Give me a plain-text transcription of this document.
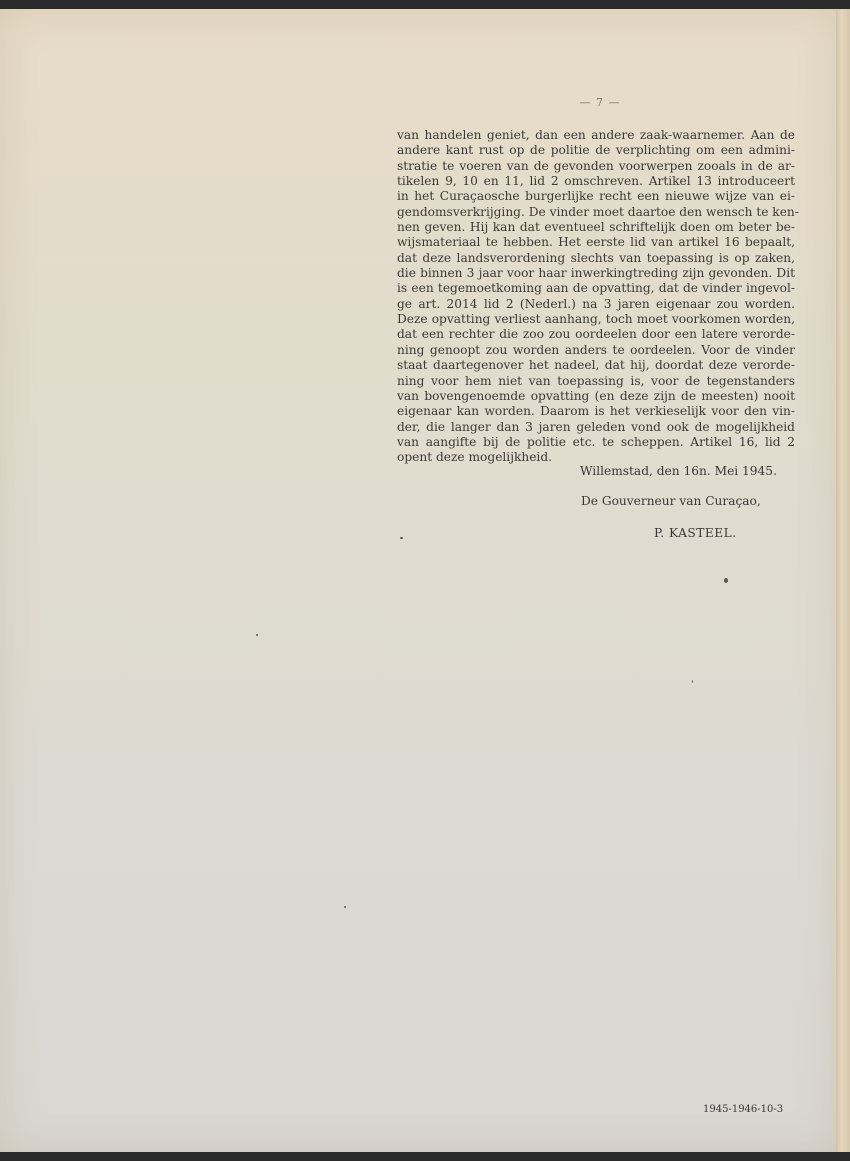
— 7 —
van handelen geniet, dan een andere zaak-waarnemer. Aan de
andere kant rust op de politie de verplichting om een admini-
stratie te voeren van de gevonden voorwerpen zooals in de ar-
tikelen 9, 10 en 11, lid 2 omschreven. Artikel 13 introduceert
in het Curaçaosche burgerlijke recht een nieuwe wijze van ei-
gendomsverkrijging. De vinder moet daartoe den wensch te ken-
nen geven. Hij kan dat eventueel schriftelijk doen om beter be-
wijsmateriaal te hebben. Het eerste lid van artikel 16 bepaalt,
dat deze landsverordening slechts van toepassing is op zaken,
die binnen 3 jaar voor haar inwerkingtreding zijn gevonden. Dit
is een tegemoetkoming aan de opvatting, dat de vinder ingevol-
ge art. 2014 lid 2 (Nederl.) na 3 jaren eigenaar zou worden.
Deze opvatting verliest aanhang, toch moet voorkomen worden,
dat een rechter die zoo zou oordeelen door een latere verorde-
ning genoopt zou worden anders te oordeelen. Voor de vinder
staat daartegenover het nadeel, dat hij, doordat deze verorde-
ning voor hem niet van toepassing is, voor de tegenstanders
van bovengenoemde opvatting (en deze zijn de meesten) nooit
eigenaar kan worden. Daarom is het verkieselijk voor den vin-
der, die langer dan 3 jaren geleden vond ook de mogelijkheid
van aangifte bij de politie etc. te scheppen. Artikel 16, lid 2
opent deze mogelijkheid.
Willemstad, den 16n. Mei 1945.
De Gouverneur van Curaçao,
P. KASTEEL.
1945-1946-10-3
